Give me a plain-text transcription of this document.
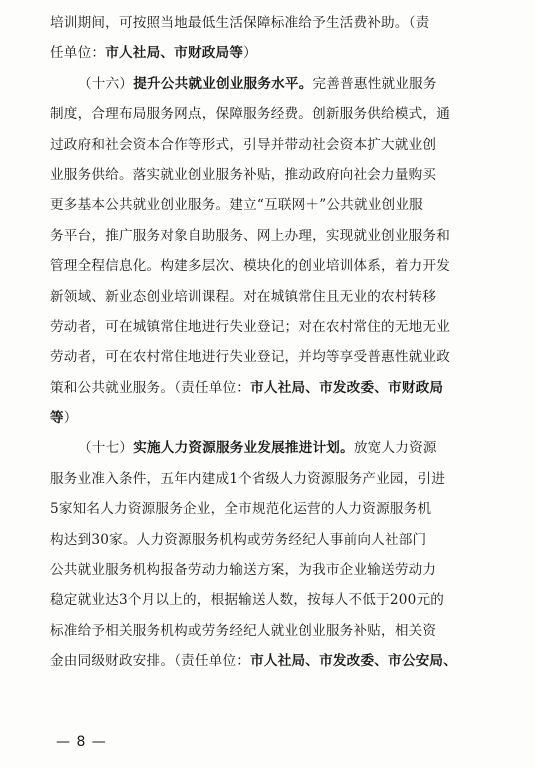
培训期间，可按照当地最低生活保障标准给予生活费补助。（责
任单位：市人社局、市财政局等）
（十六）提升公共就业创业服务水平。完善普惠性就业服务
制度，合理布局服务网点，保障服务经费。创新服务供给模式，通
过政府和社会资本合作等形式，引导并带动社会资本扩大就业创
业服务供给。落实就业创业服务补贴，推动政府向社会力量购买
更多基本公共就业创业服务。建立“互联网＋”公共就业创业服
务平台，推广服务对象自助服务、网上办理，实现就业创业服务和
管理全程信息化。构建多层次、模块化的创业培训体系，着力开发
新领域、新业态创业培训课程。对在城镇常住且无业的农村转移
劳动者，可在城镇常住地进行失业登记；对在农村常住的无地无业
劳动者，可在农村常住地进行失业登记，并均等享受普惠性就业政
策和公共就业服务。（责任单位：市人社局、市发改委、市财政局
等）
（十七）实施人力资源服务业发展推进计划。放宽人力资源
服务业准入条件，五年内建成1个省级人力资源服务产业园，引进
5家知名人力资源服务企业，全市规范化运营的人力资源服务机
构达到30家。人力资源服务机构或劳务经纪人事前向人社部门
公共就业服务机构报备劳动力输送方案，为我市企业输送劳动力
稳定就业达3个月以上的，根据输送人数，按每人不低于200元的
标准给予相关服务机构或劳务经纪人就业创业服务补贴，相关资
金由同级财政安排。（责任单位：市人社局、市发改委、市公安局、
— 8 —
